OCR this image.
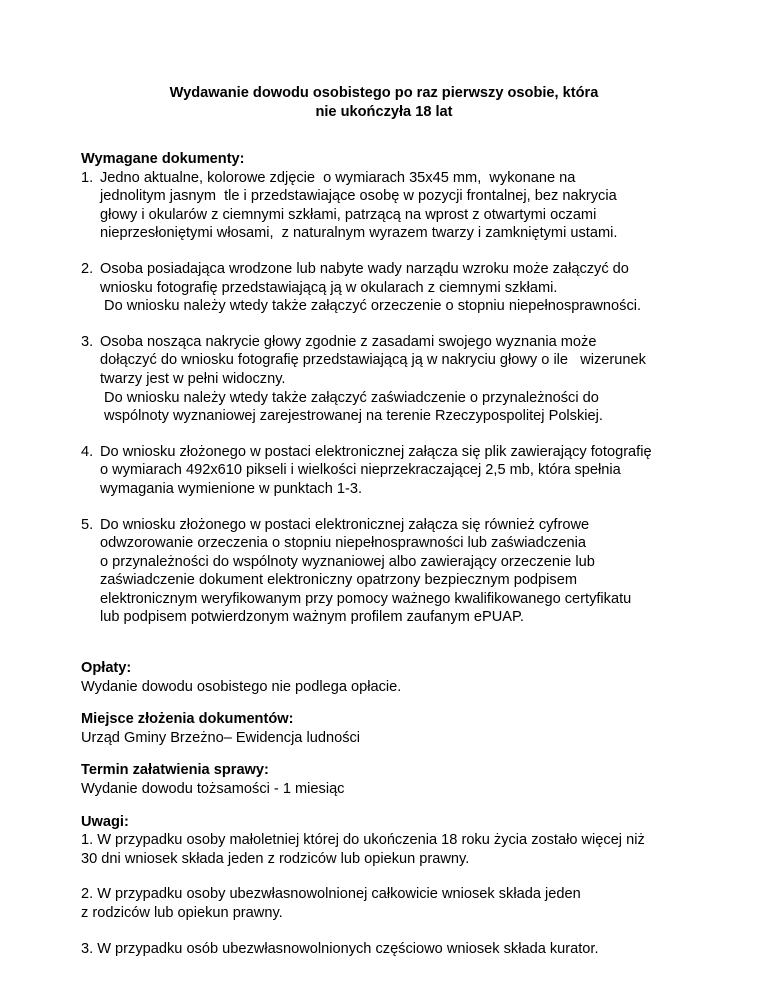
Wydawanie dowodu osobistego po raz pierwszy osobie, która
nie ukończyła 18 lat
Wymagane dokumenty:
1. Jedno aktualne, kolorowe zdjęcie  o wymiarach 35x45 mm,  wykonane na
jednolitym jasnym  tle i przedstawiające osobę w pozycji frontalnej, bez nakrycia
głowy i okularów z ciemnymi szkłami, patrzącą na wprost z otwartymi oczami
nieprzesłoniętymi włosami,  z naturalnym wyrazem twarzy i zamkniętymi ustami.
2. Osoba posiadająca wrodzone lub nabyte wady narządu wzroku może załączyć do
wniosku fotografię przedstawiającą ją w okularach z ciemnymi szkłami.
Do wniosku należy wtedy także załączyć orzeczenie o stopniu niepełnosprawności.
3. Osoba nosząca nakrycie głowy zgodnie z zasadami swojego wyznania może
dołączyć do wniosku fotografię przedstawiającą ją w nakryciu głowy o ile   wizerunek
twarzy jest w pełni widoczny.
Do wniosku należy wtedy także załączyć zaświadczenie o przynależności do
wspólnoty wyznaniowej zarejestrowanej na terenie Rzeczypospolitej Polskiej.
4. Do wniosku złożonego w postaci elektronicznej załącza się plik zawierający fotografię
o wymiarach 492x610 pikseli i wielkości nieprzekraczającej 2,5 mb, która spełnia
wymagania wymienione w punktach 1-3.
5. Do wniosku złożonego w postaci elektronicznej załącza się również cyfrowe
odwzorowanie orzeczenia o stopniu niepełnosprawności lub zaświadczenia
o przynależności do wspólnoty wyznaniowej albo zawierający orzeczenie lub
zaświadczenie dokument elektroniczny opatrzony bezpiecznym podpisem
elektronicznym weryfikowanym przy pomocy ważnego kwalifikowanego certyfikatu
lub podpisem potwierdzonym ważnym profilem zaufanym ePUAP.
Opłaty:
Wydanie dowodu osobistego nie podlega opłacie.
Miejsce złożenia dokumentów:
Urząd Gminy Brzeżno– Ewidencja ludności
Termin załatwienia sprawy:
Wydanie dowodu tożsamości - 1 miesiąc
Uwagi:
1. W przypadku osoby małoletniej której do ukończenia 18 roku życia zostało więcej niż
30 dni wniosek składa jeden z rodziców lub opiekun prawny.
2. W przypadku osoby ubezwłasnowolnionej całkowicie wniosek składa jeden
z rodziców lub opiekun prawny.
3. W przypadku osób ubezwłasnowolnionych częściowo wniosek składa kurator.
